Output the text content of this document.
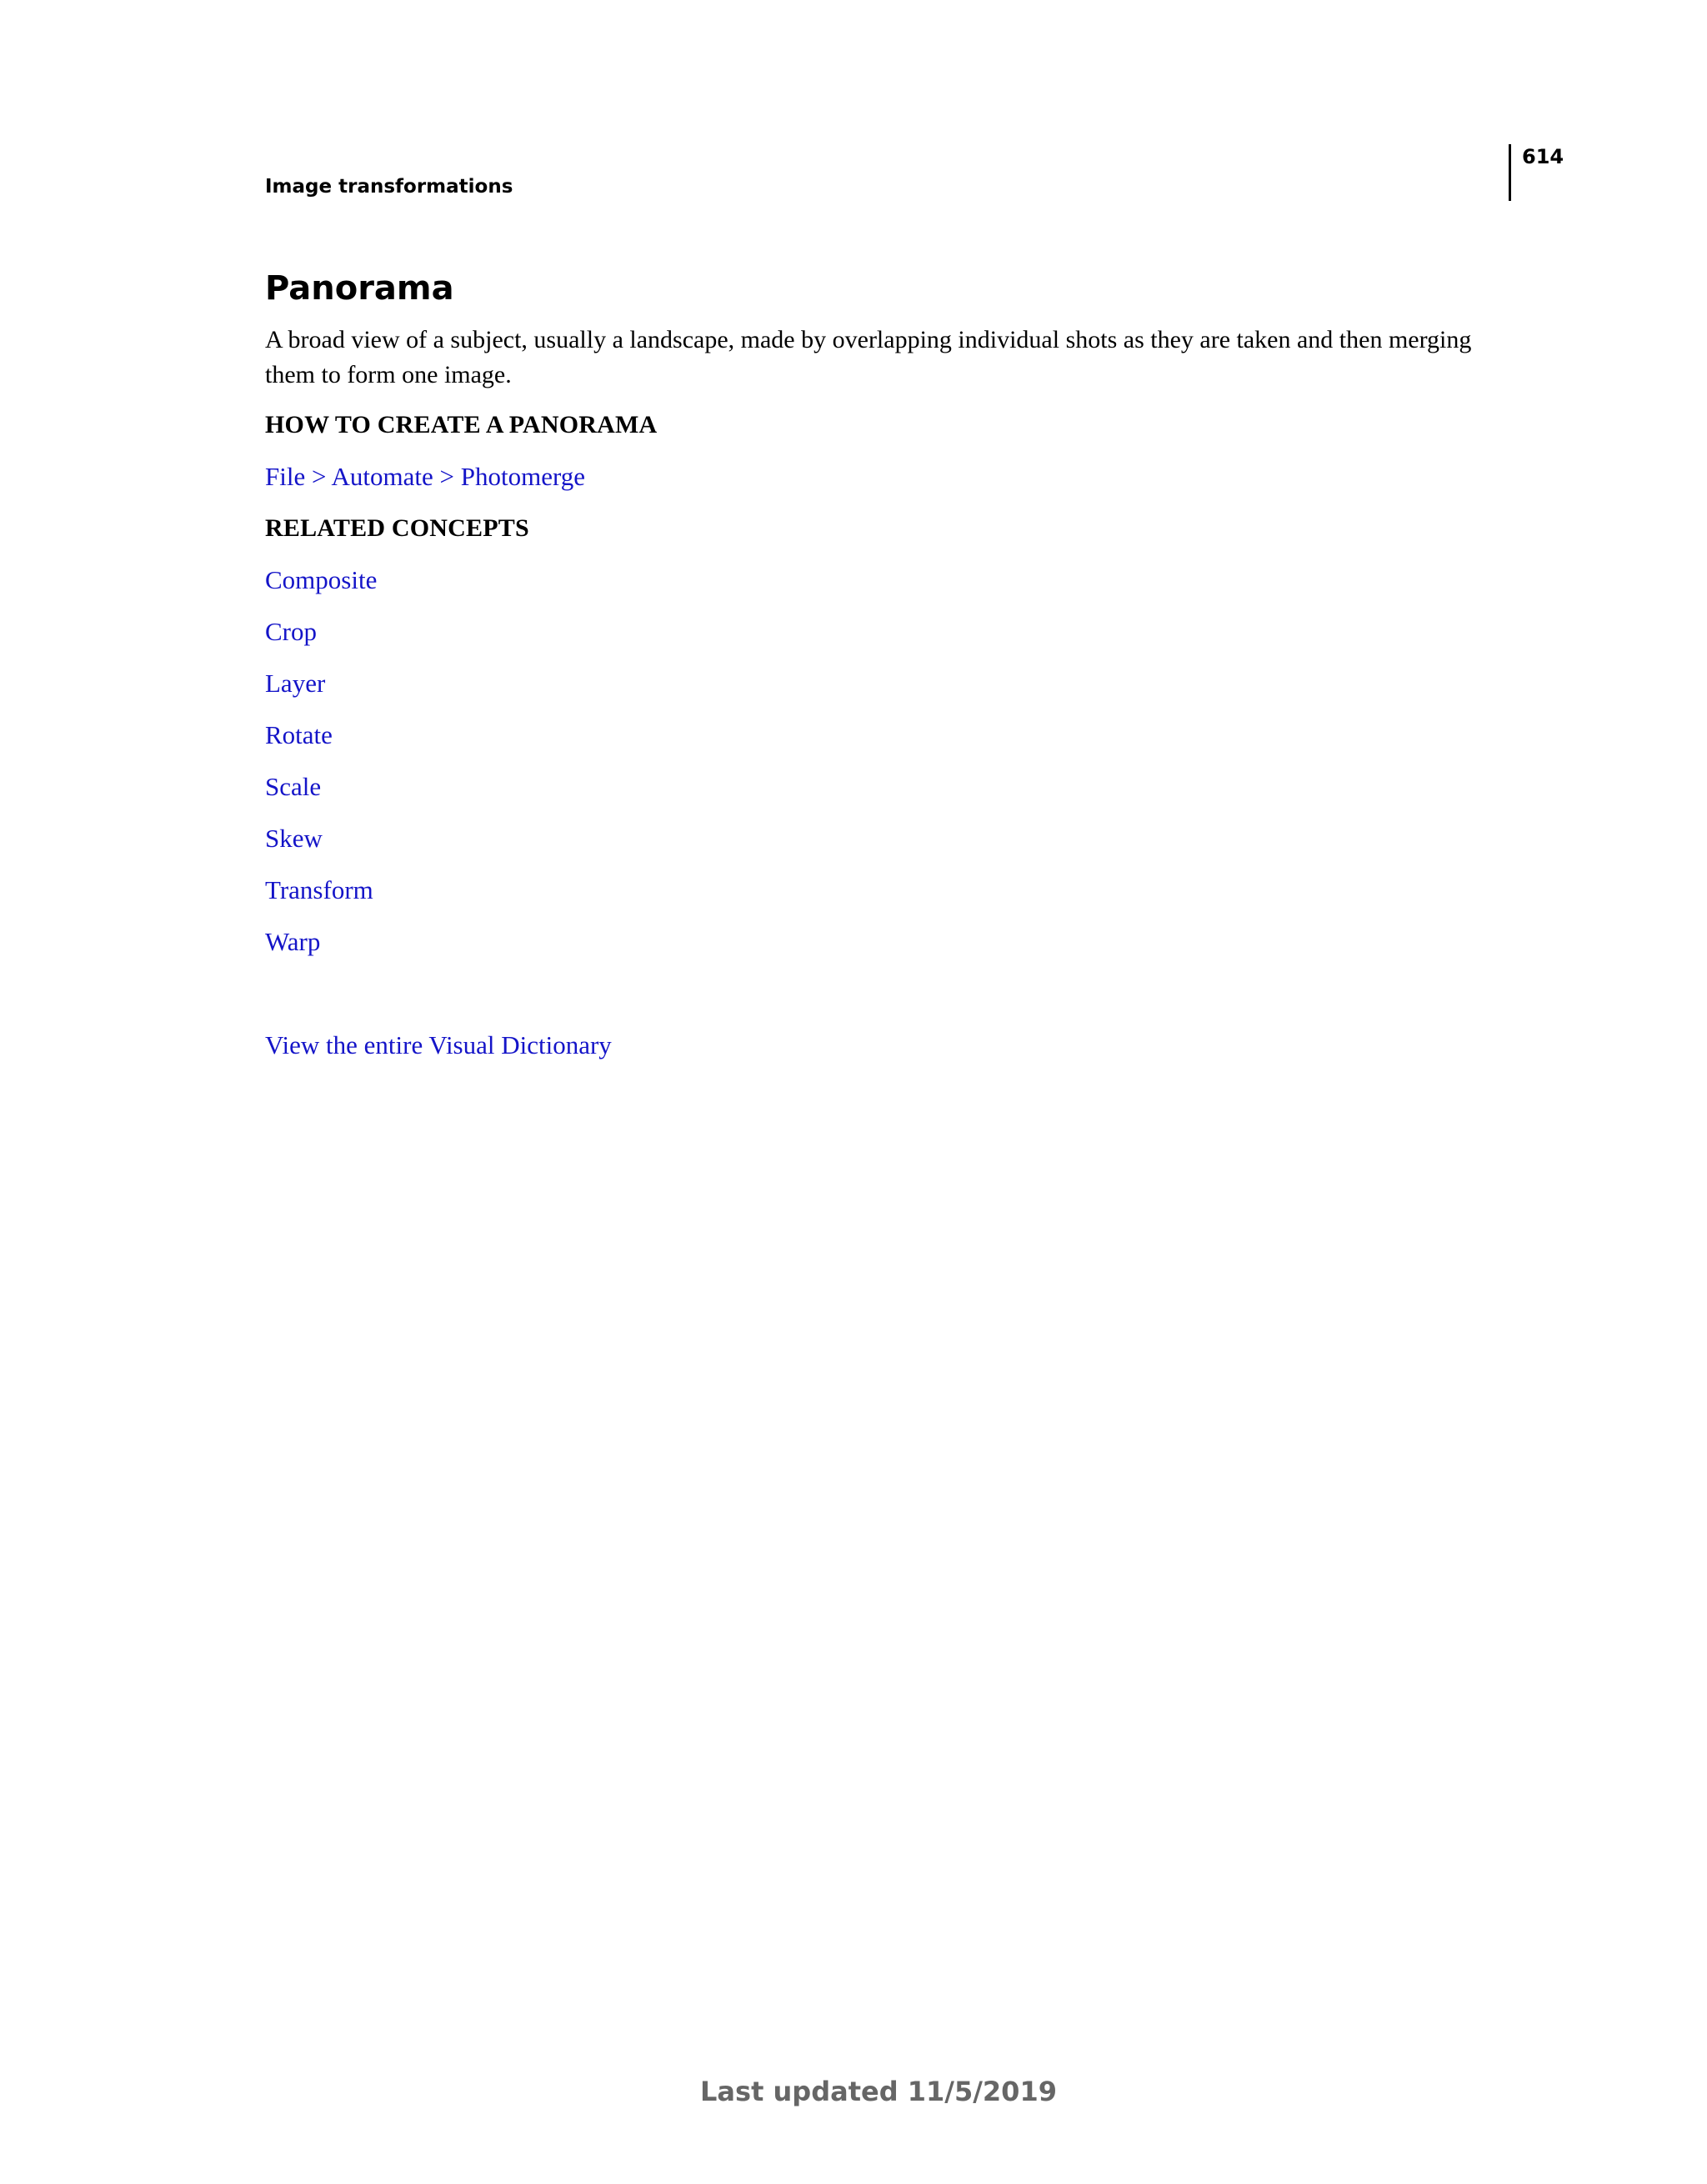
Image transformations
614
Panorama
A broad view of a subject, usually a landscape, made by overlapping individual shots as they are taken and then merging them to form one image.
HOW TO CREATE A PANORAMA
File > Automate > Photomerge
RELATED CONCEPTS
Composite
Crop
Layer
Rotate
Scale
Skew
Transform
Warp
View the entire Visual Dictionary
Last updated 11/5/2019
